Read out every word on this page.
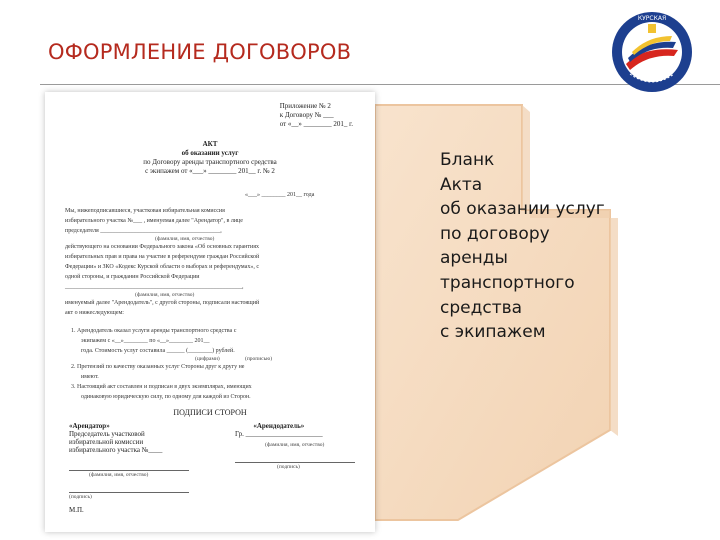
ОФОРМЛЕНИЕ ДОГОВОРОВ
КУРСКАЯ
Приложение № 2
к Договору № ___
от «__» ________ 201_ г.
АКТ
об оказании услуг
по Договору аренды транспортного средства
с экипажем от «___» ________ 201__ г. № 2
«___» ________ 201__ года
Мы, нижеподписавшиеся, участковая избирательная комиссия
избирательного участка №___ , именуемая далее "Арендатор", в лице
председателя ________________________________________,
(фамилия, имя, отчество)
действующего на основании Федерального закона «Об основных гарантиях
избирательных прав и права на участие в референдуме граждан Российской
Федерации» и ЗКО «Кодекс Курской области о выборах и референдумах», с
одной стороны, и гражданин Российской Федерации
___________________________________________________________,
(фамилия, имя, отчество)
именуемый далее "Арендодатель", с другой стороны, подписали настоящий
акт о нижеследующем:
1. Арендодатель оказал услуги аренды транспортного средства с
экипажем с «__»________ по «__»________ 201__
года. Стоимость услуг составила ______ (________) рублей.
(цифрами)	(прописью)
2. Претензий по качеству оказанных услуг Стороны друг к другу не
имеют.
3. Настоящий акт составлен и подписан в двух экземплярах, имеющих
одинаковую юридическую силу, по одному для каждой из Сторон.
ПОДПИСИ СТОРОН
«Арендатор»
Председатель участковой
избирательной комиссии
избирательного участка №____
(фамилия, имя, отчество)
(подпись)
М.П.
«Арендодатель»
Гр. ______________________
(фамилия, имя, отчество)
(подпись)
Бланк
Акта
об оказании услуг
по договору
аренды
транспортного
средства
с экипажем
